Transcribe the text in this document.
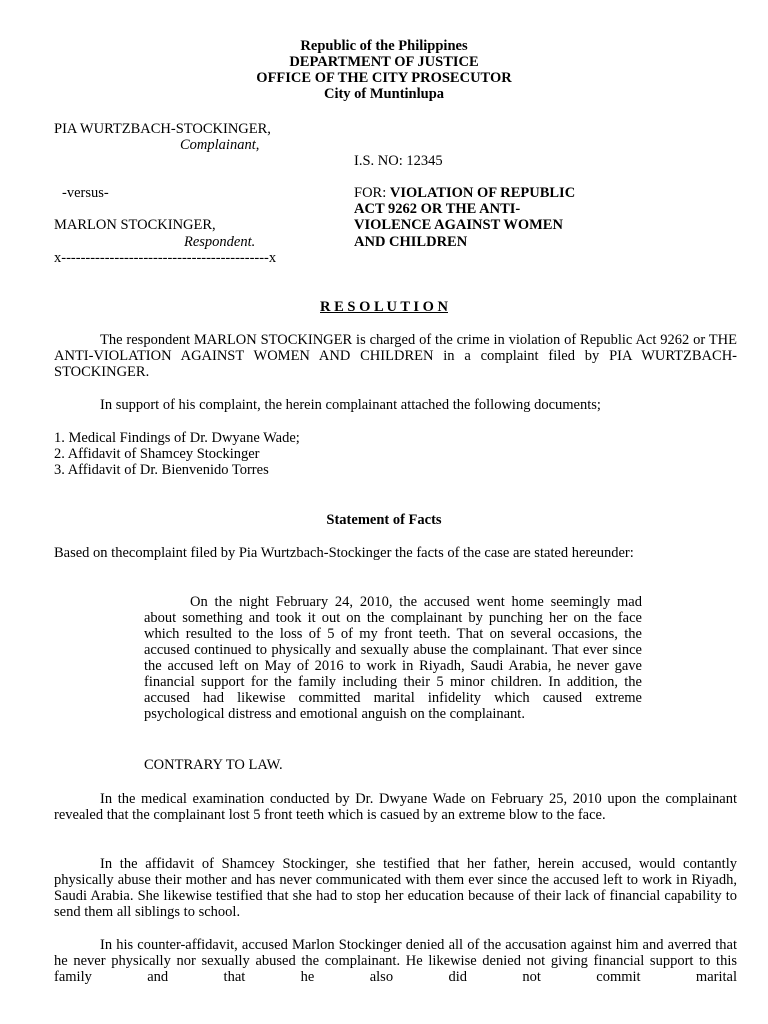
Republic of the Philippines
DEPARTMENT OF JUSTICE
OFFICE OF THE CITY PROSECUTOR
City of Muntinlupa
PIA WURTZBACH-STOCKINGER,
Complainant,
-versus-
MARLON STOCKINGER,
Respondent.
x-------------------------------------------x
I.S. NO: 12345
FOR: VIOLATION OF REPUBLIC
ACT 9262 OR THE ANTI-
VIOLENCE AGAINST WOMEN
AND CHILDREN
R E S O L U T I O N
The respondent MARLON STOCKINGER is charged of the crime in violation of Republic Act 9262 or THE ANTI-VIOLATION AGAINST WOMEN AND CHILDREN in a complaint filed by PIA WURTZBACH-STOCKINGER.
In support of his complaint, the herein complainant attached the following documents;
1. Medical Findings of Dr. Dwyane Wade;
2. Affidavit of Shamcey Stockinger
3. Affidavit of Dr. Bienvenido Torres
Statement of Facts
Based on thecomplaint filed by Pia Wurtzbach-Stockinger the facts of the case are stated hereunder:
On the night February 24, 2010, the accused went home seemingly mad about something and took it out on the complainant by punching her on the face which resulted to the loss of 5 of my front teeth. That on several occasions, the accused continued to physically and sexually abuse the complainant. That ever since the accused left on May of 2016 to work in Riyadh, Saudi Arabia, he never gave financial support for the family including their 5 minor children. In addition, the accused had likewise committed marital infidelity which caused extreme psychological distress and emotional anguish on the complainant.
CONTRARY TO LAW.
In the medical examination conducted by Dr. Dwyane Wade on February 25, 2010 upon the complainant revealed that the complainant lost 5 front teeth which is casued by an extreme blow to the face.
In the affidavit of Shamcey Stockinger, she testified that her father, herein accused, would contantly physically abuse their mother and has never communicated with them ever since the accused left to work in Riyadh, Saudi Arabia. She likewise testified that she had to stop her education because of their lack of financial capability to send them all siblings to school.
In his counter-affidavit, accused Marlon Stockinger denied all of the accusation against him and averred that he never physically nor sexually abused the complainant. He likewise denied not giving financial support to this family and that he also did not commit marital
